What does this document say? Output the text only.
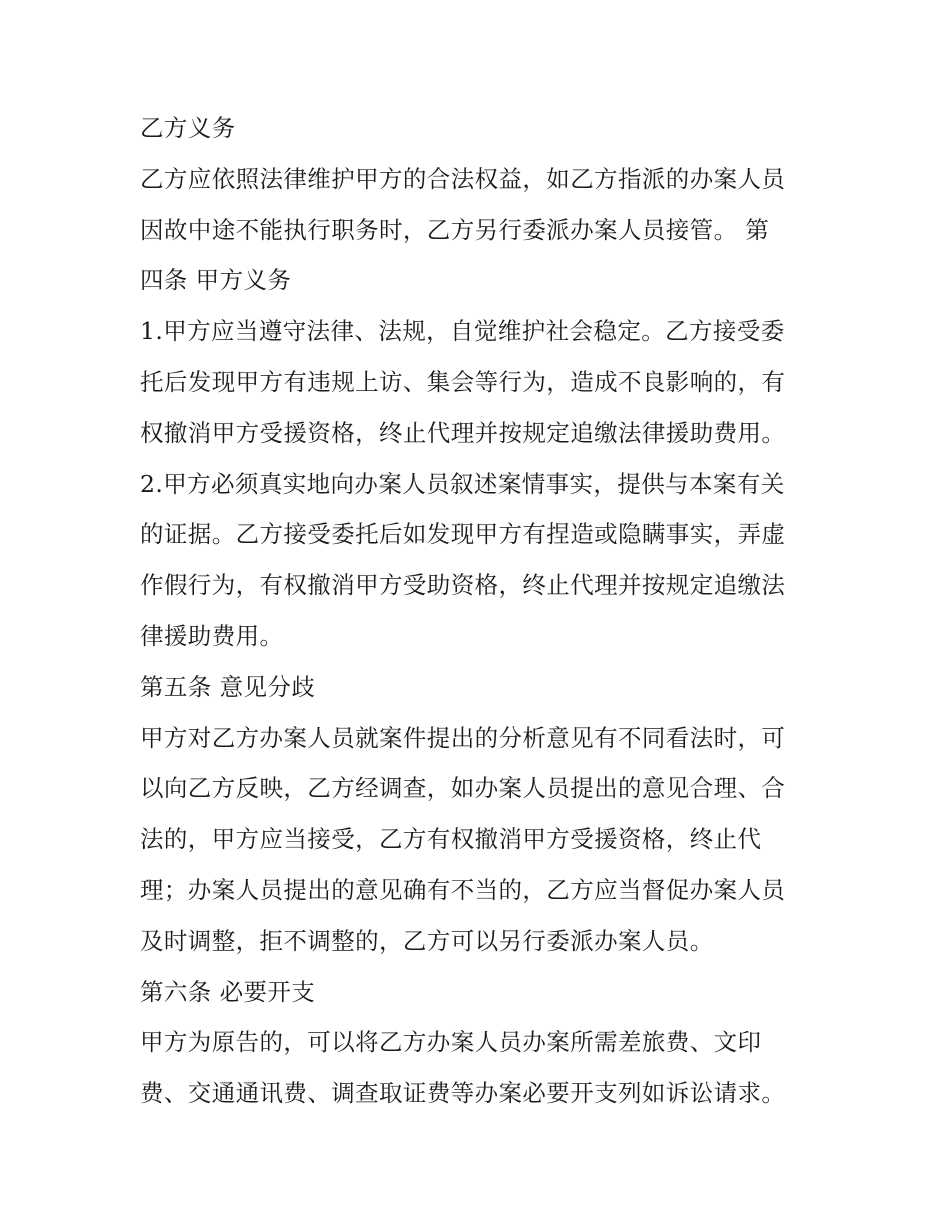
乙方义务
乙方应依照法律维护甲方的合法权益，如乙方指派的办案人员
因故中途不能执行职务时，乙方另行委派办案人员接管。 第
四条 甲方义务
1.甲方应当遵守法律、法规，自觉维护社会稳定。乙方接受委
托后发现甲方有违规上访、集会等行为，造成不良影响的，有
权撤消甲方受援资格，终止代理并按规定追缴法律援助费用。
2.甲方必须真实地向办案人员叙述案情事实，提供与本案有关
的证据。乙方接受委托后如发现甲方有捏造或隐瞒事实，弄虚
作假行为，有权撤消甲方受助资格，终止代理并按规定追缴法
律援助费用。
第五条 意见分歧
甲方对乙方办案人员就案件提出的分析意见有不同看法时，可
以向乙方反映，乙方经调查，如办案人员提出的意见合理、合
法的，甲方应当接受，乙方有权撤消甲方受援资格，终止代
理；办案人员提出的意见确有不当的，乙方应当督促办案人员
及时调整，拒不调整的，乙方可以另行委派办案人员。
第六条 必要开支
甲方为原告的，可以将乙方办案人员办案所需差旅费、文印
费、交通通讯费、调查取证费等办案必要开支列如诉讼请求。
